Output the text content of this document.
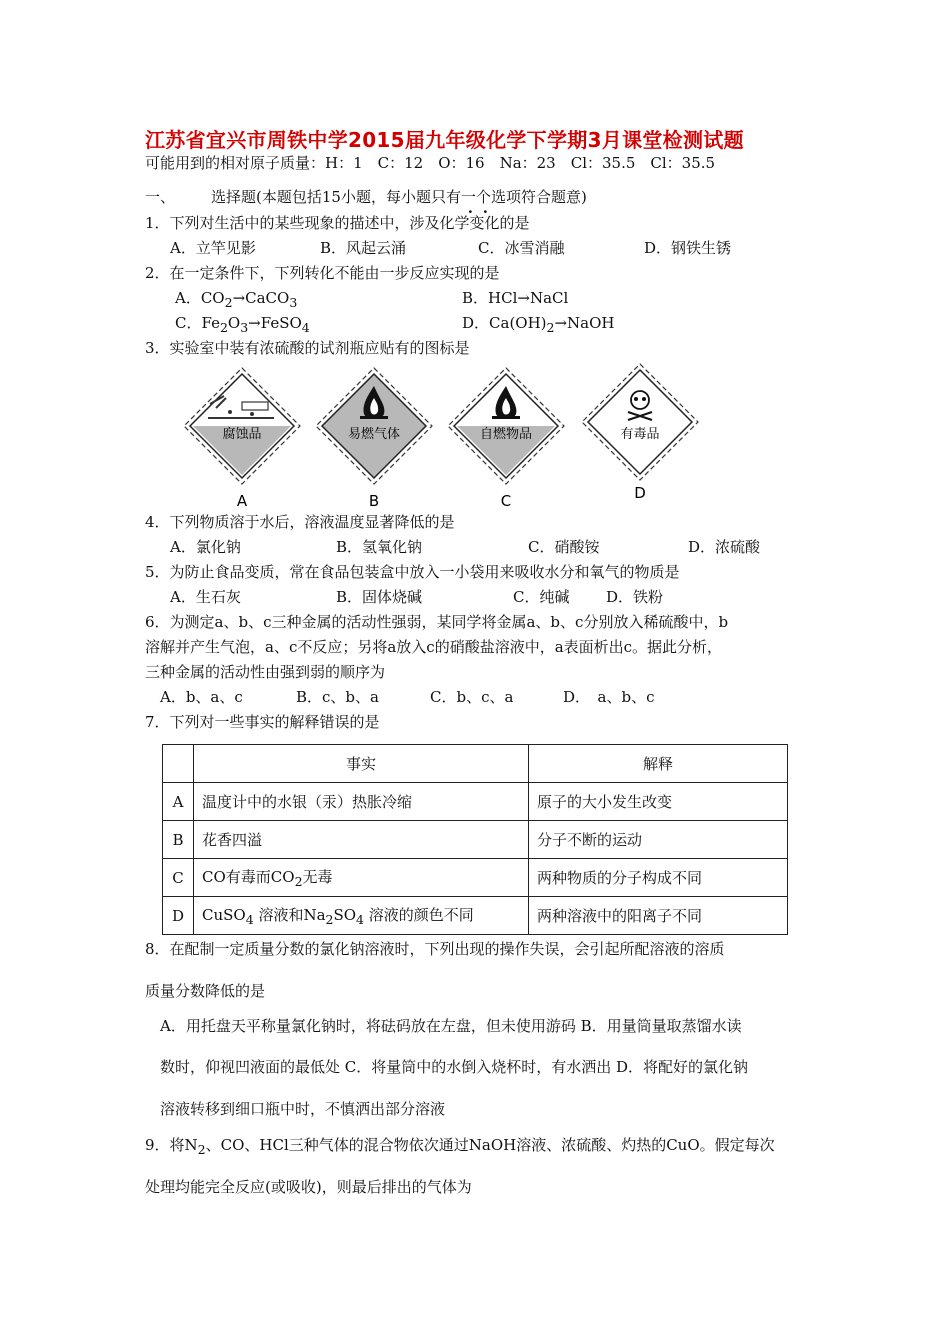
江苏省宜兴市周铁中学2015届九年级化学下学期3月课堂检测试题
可能用到的相对原子质量：H：1　C：12　O：16　Na：23　Cl：35.5　Cl：35.5
一、 选择题(本题包括15小题，每小题只有一个选项符合题意)
1．下列对生活中的某些现象的描述中，涉及化学变化的是
A．立竿见影	B．风起云涌	C．冰雪消融	D．钢铁生锈
2．在一定条件下，下列转化不能由一步反应实现的是
A．$CO_2\to CaCO_3$	B．HCl→NaCl
C．$Fe_2O_3\to FeSO_4$	D．$Ca(OH)_2\to NaOH$
3．实验室中装有浓硫酸的试剂瓶应贴有的图标是
腐蚀品
A
易燃气体
B
自燃物品
C
有毒品
D
4．下列物质溶于水后，溶液温度显著降低的是
A．氯化钠	B．氢氧化钠	C．硝酸铵	D．浓硫酸
5．为防止食品变质，常在食品包装盒中放入一小袋用来吸收水分和氧气的物质是
A．生石灰	B．固体烧碱	C．纯碱 D．铁粉
6．为测定a、b、c三种金属的活动性强弱，某同学将金属a、b、c分别放入稀硫酸中，b
溶解并产生气泡，a、c不反应；另将a放入c的硝酸盐溶液中，a表面析出c。据此分析，
三种金属的活动性由强到弱的顺序为
A．b、a、c	B．c、b、a	C．b、c、a	D．　a、b、c
7．下列对一些事实的解释错误的是
	事实	解释
A	温度计中的水银（汞）热胀冷缩	原子的大小发生改变
B	花香四溢	分子不断的运动
C	CO有毒而$CO_2$无毒	两种物质的分子构成不同
D	CuSO$_4$ 溶液和$Na_2SO_4$ 溶液的颜色不同	两种溶液中的阳离子不同
8．在配制一定质量分数的氯化钠溶液时，下列出现的操作失误，会引起所配溶液的溶质
质量分数降低的是
A．用托盘天平称量氯化钠时，将砝码放在左盘，但未使用游码 B．用量筒量取蒸馏水读
数时，仰视凹液面的最低处 C．将量筒中的水倒入烧杯时，有水洒出 D．将配好的氯化钠
溶液转移到细口瓶中时，不慎洒出部分溶液
9．将$N_2$、CO、HCl三种气体的混合物依次通过NaOH溶液、浓硫酸、灼热的CuO。假定每次
处理均能完全反应(或吸收)，则最后排出的气体为
